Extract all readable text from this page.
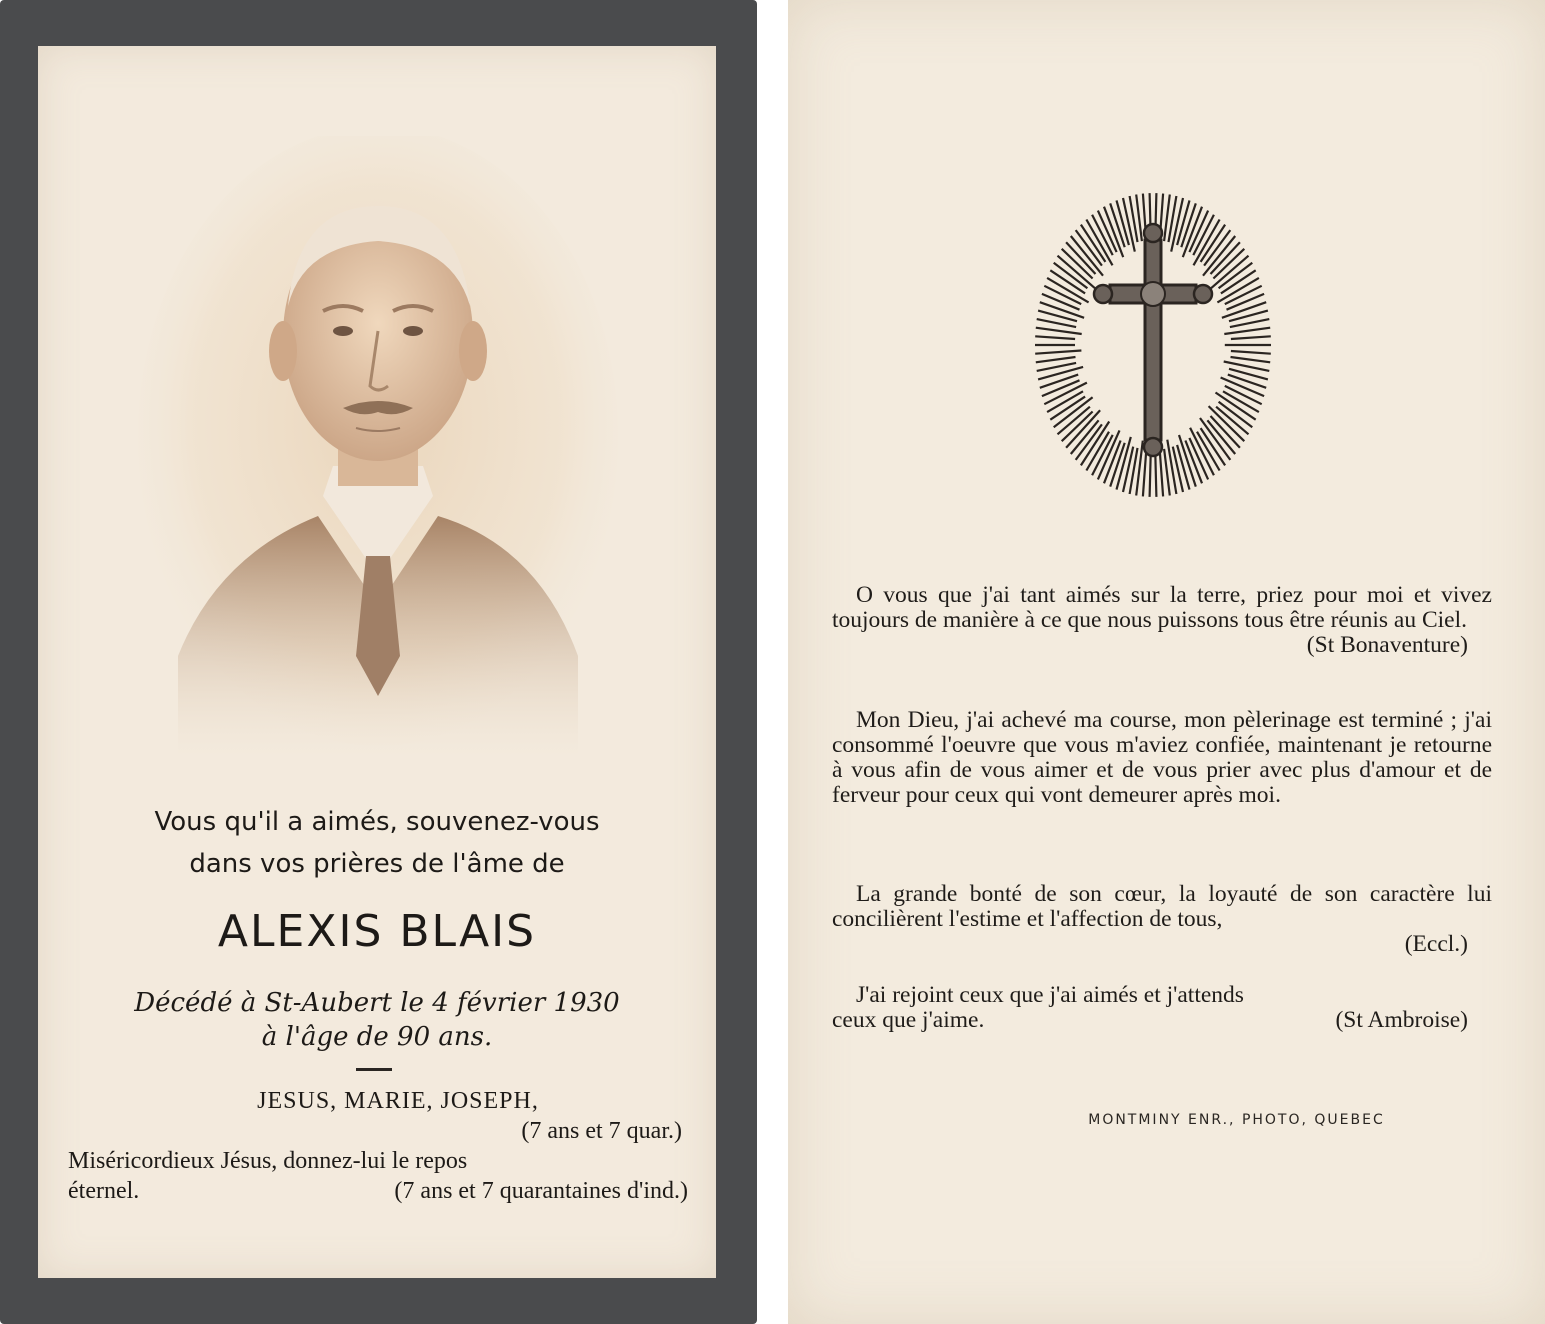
Vous qu'il a aimés, souvenez-vous
dans vos prières de l'âme de
ALEXIS BLAIS
Décédé à St-Aubert le 4 février 1930
à l'âge de 90 ans.
JESUS, MARIE, JOSEPH,
(7 ans et 7 quar.)
Miséricordieux Jésus, donnez-lui le repos
éternel.	(7 ans et 7 quarantaines d'ind.)

O vous que j'ai tant aimés sur la terre, priez pour moi et vivez toujours de manière à ce que nous puissons tous être réunis au Ciel.

(St Bonaventure)

Mon Dieu, j'ai achevé ma course, mon pèlerinage est terminé ; j'ai consommé l'oeuvre que vous m'aviez confiée, maintenant je retourne à vous afin de vous aimer et de vous prier avec plus d'amour et de ferveur pour ceux qui vont demeurer après moi.

La grande bonté de son cœur, la loyauté de son caractère lui concilièrent l'estime et l'affection de tous,

(Eccl.)

J'ai rejoint ceux que j'ai aimés et j'attends

ceux que j'aime.	(St Ambroise)
MONTMINY ENR., PHOTO, QUEBEC
